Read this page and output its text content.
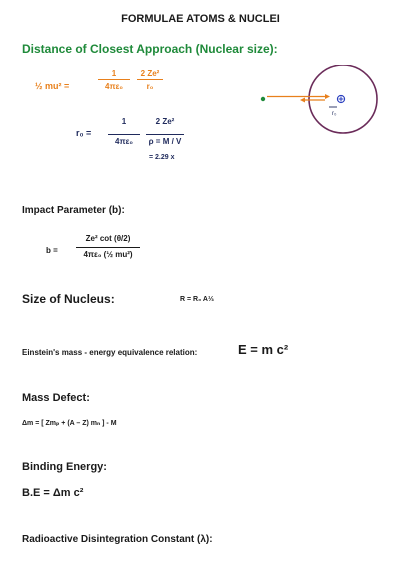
FORMULAE ATOMS & NUCLEI
Distance of Closest Approach (Nuclear size):
½ mu² =	$\frac{1}{\text{4πε₀}} \frac{\text{2 Ze²}}{\text{r₀}}$
$r_0 = \frac{1}{\text{4πε₀}} \frac{\text{2 Ze²}}{\rho = M / V}$
= 2.29 x
r₀
Impact Parameter (b):
$b = \frac{\text{Ze² cot (θ/2)}}{\text{4πε₀ (½ mu²)}}$
Size of Nucleus:	R = R₀ A⅓
Einstein's mass - energy equivalence relation:	E = m c²
Mass Defect:
Δm = [ Zmₚ + (A – Z) mₙ ] - M
Binding Energy:
B.E = Δm c²
Radioactive Disintegration Constant (λ):
